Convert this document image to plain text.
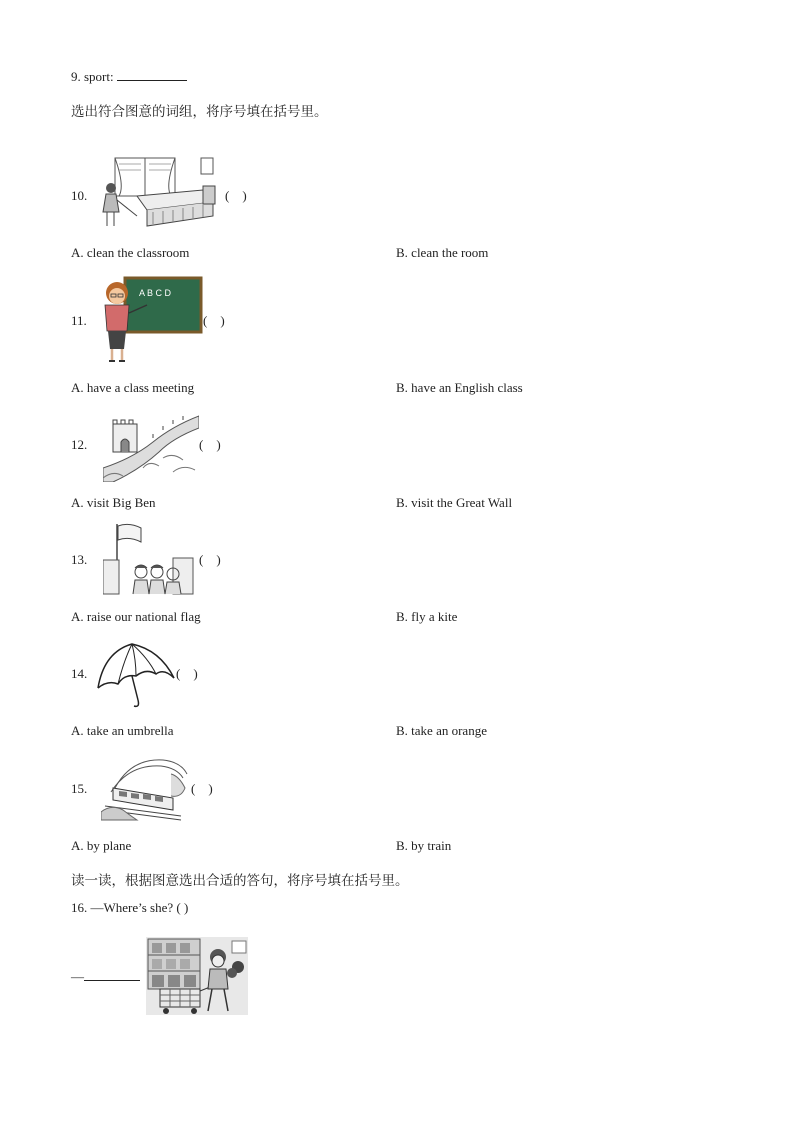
9. sport:
选出符合图意的词组，将序号填在括号里。
10.	(    )
A. clean the classroom	B. clean the room
11.
A B C D
(    )
A. have a class meeting	B. have an English class
12.	(    )
A. visit Big Ben	B. visit the Great Wall
13.	(    )
A. raise our national flag	B. fly a kite
14.	(    )
A. take an umbrella	B. take an orange
15.	(    )
A. by plane	B. by train
读一读，根据图意选出合适的答句，将序号填在括号里。
16. —Where’s she? ( )
—
